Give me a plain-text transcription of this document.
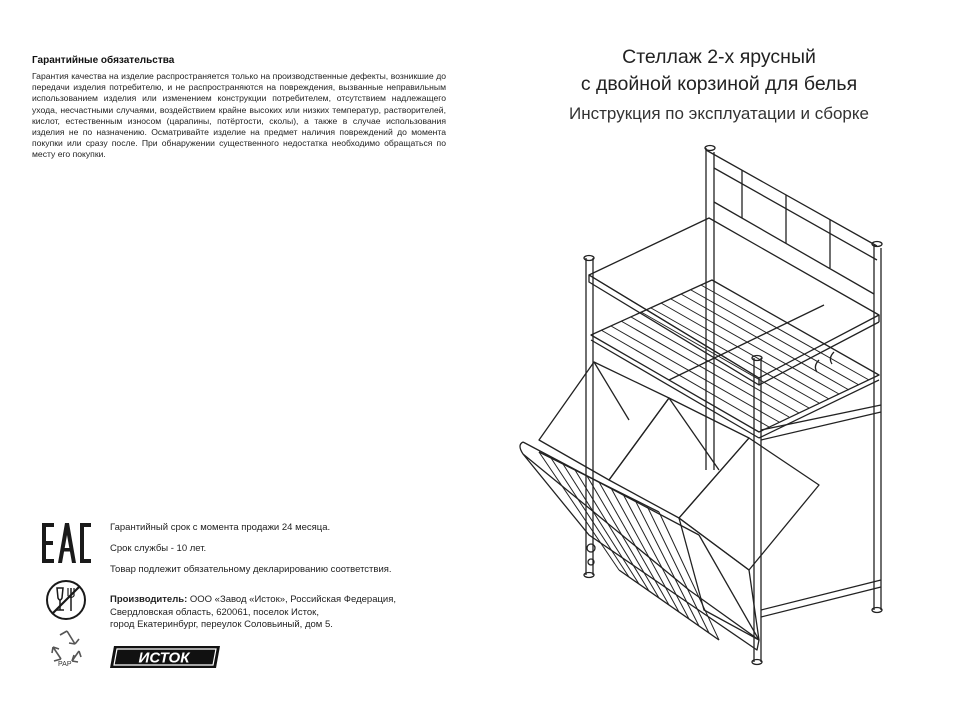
Гарантийные обязательства

Гарантия качества на изделие распространяется только на производственные дефекты, возникшие до передачи изделия потребителю, и не распространяются на повреждения, вызванные неправильным использованием изделия или изменением конструкции потребителем, отсутствием надлежащего ухода, несчастными случаями, воздействием крайне высоких или низких температур, растворителей, кислот, естественным износом (царапины, потёртости, сколы), а также в случае использования изделия не по назначению. Осматривайте изделие на предмет наличия повреждений до момента покупки или сразу после. При обнаружении существенного недостатка необходимо обращаться по месту его покупки.

PAP
Гарантийный срок с момента продажи 24 месяца.
Срок службы - 10 лет.
Товар подлежит обязательному декларированию соответствия.
Производитель: ООО «Завод «Исток», Российская Федерация,
Свердловская область, 620061, поселок Исток,
город Екатеринбург, переулок Соловьиный, дом 5.
ИСТОК
Стеллаж 2-х ярусный
с двойной корзиной для белья
Инструкция по эксплуатации и сборке
